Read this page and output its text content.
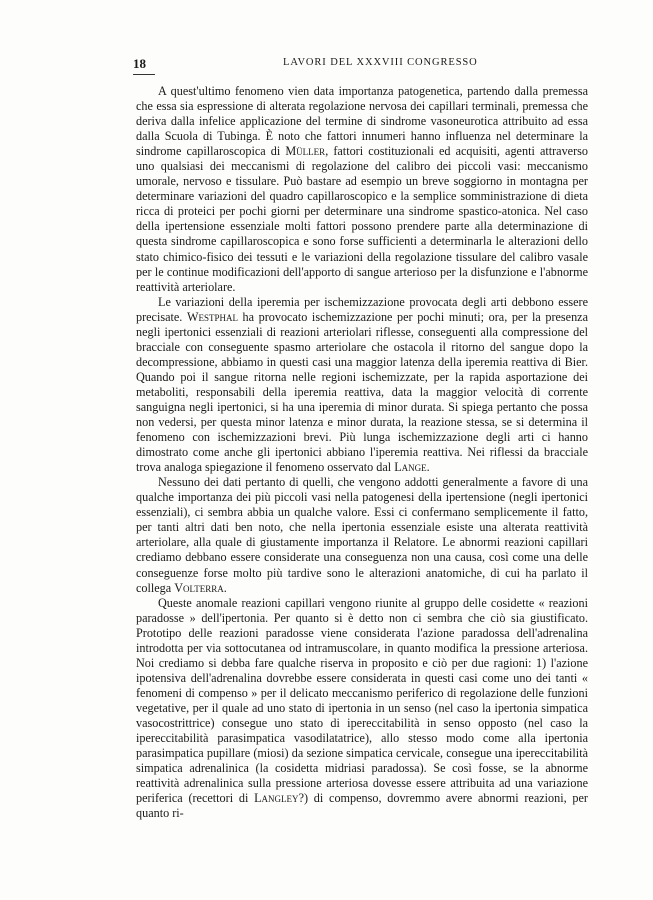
18	LAVORI DEL XXXVIII CONGRESSO

A quest'ultimo fenomeno vien data importanza patogenetica, partendo dalla premessa che essa sia espressione di alterata regolazione nervosa dei capillari terminali, premessa che deriva dalla infelice applicazione del termine di sindrome vasoneurotica attribuito ad essa dalla Scuola di Tubinga. È noto che fattori innumeri hanno influenza nel determinare la sindrome capillaroscopica di Müller, fattori costituzionali ed acquisiti, agenti attraverso uno qualsiasi dei meccanismi di regolazione del calibro dei piccoli vasi: meccanismo umorale, nervoso e tissulare. Può bastare ad esempio un breve soggiorno in montagna per determinare variazioni del quadro capillaroscopico e la semplice somministrazione di dieta ricca di proteici per pochi giorni per determinare una sindrome spastico-atonica. Nel caso della ipertensione essenziale molti fattori possono prendere parte alla determinazione di questa sindrome capillaroscopica e sono forse sufficienti a determinarla le alterazioni dello stato chimico-fisico dei tessuti e le variazioni della regolazione tissulare del calibro vasale per le continue modificazioni dell'apporto di sangue arterioso per la disfunzione e l'abnorme reattività arteriolare.

Le variazioni della iperemia per ischemizzazione provocata degli arti debbono essere precisate. Westphal ha provocato ischemizzazione per pochi minuti; ora, per la presenza negli ipertonici essenziali di reazioni arteriolari riflesse, conseguenti alla compressione del bracciale con conseguente spasmo arteriolare che ostacola il ritorno del sangue dopo la decompressione, abbiamo in questi casi una maggior latenza della iperemia reattiva di Bier. Quando poi il sangue ritorna nelle regioni ischemizzate, per la rapida asportazione dei metaboliti, responsabili della iperemia reattiva, data la maggior velocità di corrente sanguigna negli ipertonici, si ha una iperemia di minor durata. Si spiega pertanto che possa non vedersi, per questa minor latenza e minor durata, la reazione stessa, se si determina il fenomeno con ischemizzazioni brevi. Più lunga ischemizzazione degli arti ci hanno dimostrato come anche gli ipertonici abbiano l'iperemia reattiva. Nei riflessi da bracciale trova analoga spiegazione il fenomeno osservato dal Lange.

Nessuno dei dati pertanto di quelli, che vengono addotti generalmente a favore di una qualche importanza dei più piccoli vasi nella patogenesi della ipertensione (negli ipertonici essenziali), ci sembra abbia un qualche valore. Essi ci confermano semplicemente il fatto, per tanti altri dati ben noto, che nella ipertonia essenziale esiste una alterata reattività arteriolare, alla quale di giustamente importanza il Relatore. Le abnormi reazioni capillari crediamo debbano essere considerate una conseguenza non una causa, così come una delle conseguenze forse molto più tardive sono le alterazioni anatomiche, di cui ha parlato il collega Volterra.

Queste anomale reazioni capillari vengono riunite al gruppo delle cosidette « reazioni paradosse » dell'ipertonia. Per quanto si è detto non ci sembra che ciò sia giustificato. Prototipo delle reazioni paradosse viene considerata l'azione paradossa dell'adrenalina introdotta per via sottocutanea od intramuscolare, in quanto modifica la pressione arteriosa. Noi crediamo si debba fare qualche riserva in proposito e ciò per due ragioni: 1) l'azione ipotensiva dell'adrenalina dovrebbe essere considerata in questi casi come uno dei tanti « fenomeni di compenso » per il delicato meccanismo periferico di regolazione delle funzioni vegetative, per il quale ad uno stato di ipertonia in un senso (nel caso la ipertonia simpatica vasocostrittrice) consegue uno stato di ipereccitabilità in senso opposto (nel caso la ipereccitabilità parasimpatica vasodilatatrice), allo stesso modo come alla ipertonia parasimpatica pupillare (miosi) da sezione simpatica cervicale, consegue una ipereccitabilità simpatica adrenalinica (la cosidetta midriasi paradossa). Se così fosse, se la abnorme reattività adrenalinica sulla pressione arteriosa dovesse essere attribuita ad una variazione periferica (recettori di Langley?) di compenso, dovremmo avere abnormi reazioni, per quanto ri-
